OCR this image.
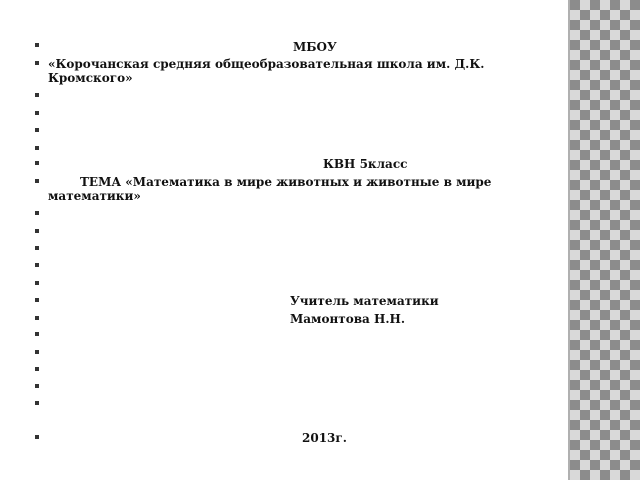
МБОУ
«Корочанская средняя общеобразовательная школа им. Д.К. Кромского»
КВН 5класс
ТЕМА «Математика в мире животных и животные в мире математики»
Учитель математики
Мамонтова Н.Н.
2013г.
